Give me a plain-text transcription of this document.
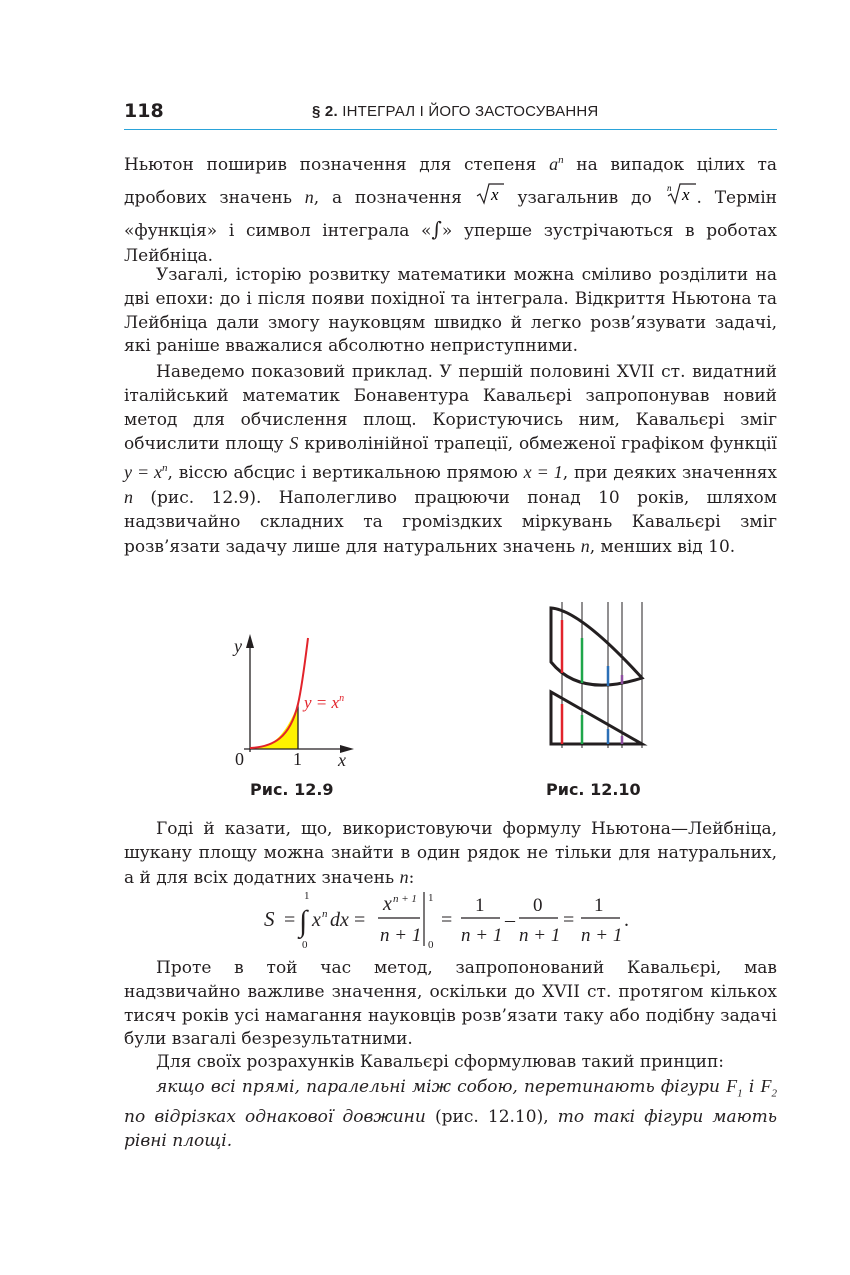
118	§ 2. ІНТЕГРАЛ І ЙОГО ЗАСТОСУВАННЯ

Ньютон поширив позначення для степеня $a^n$ на випадок цілих та

дробових значень n, а позначення x узагальнив до n x . Термін

«функція» і символ інтеграла «∫» уперше зустрічаються в роботах

Лейбніца.

Узагалі, історію розвитку математики можна сміливо розділити на дві епохи: до і після появи похідної та інтеграла. Відкриття Ньютона та Лейбніца дали змогу науковцям швидко й легко розв’язувати задачі, які раніше вважалися абсолютно неприступними.

Наведемо показовий приклад. У першій половині XVII ст. видатний італійський математик Бонавентура Кавальєрі запропонував новий метод для обчислення площ. Користуючись ним, Кавальєрі зміг обчислити площу S криволінійної трапеції, обмеженої графіком функції $y = x^n$, віссю абсцис і вертикальною прямою x = 1, при деяких значеннях n (рис. 12.9). Наполегливо працюючи понад 10 років, шляхом надзвичайно складних та громіздких міркувань Кавальєрі зміг розв’язати задачу лише для натуральних значень n, менших від 10.

y
x
0	1
$y = x^n$
Рис. 12.9	Рис. 12.10

Годі й казати, що, використовуючи формулу Ньютона—Лейбніца, шукану площу можна знайти в один рядок не тільки для натуральних, а й для всіх додатних значень n:

S = ∫
1
0
x n dx =
x n + 1
n + 1
1
0
=
1
n + 1
–
0
n + 1
=
1
n + 1
.

Проте в той час метод, запропонований Кавальєрі, мав надзвичайно важливе значення, оскільки до XVII ст. протягом кількох тисяч років усі намагання науковців розв’язати таку або подібну задачі були взагалі безрезультатними.

Для своїх розрахунків Кавальєрі сформулював такий принцип:

якщо всі прямі, паралельні між собою, перетинають фігури $F_1$ і $F_2$ по відрізках однакової довжини (рис. 12.10), то такі фігури мають рівні площі.
